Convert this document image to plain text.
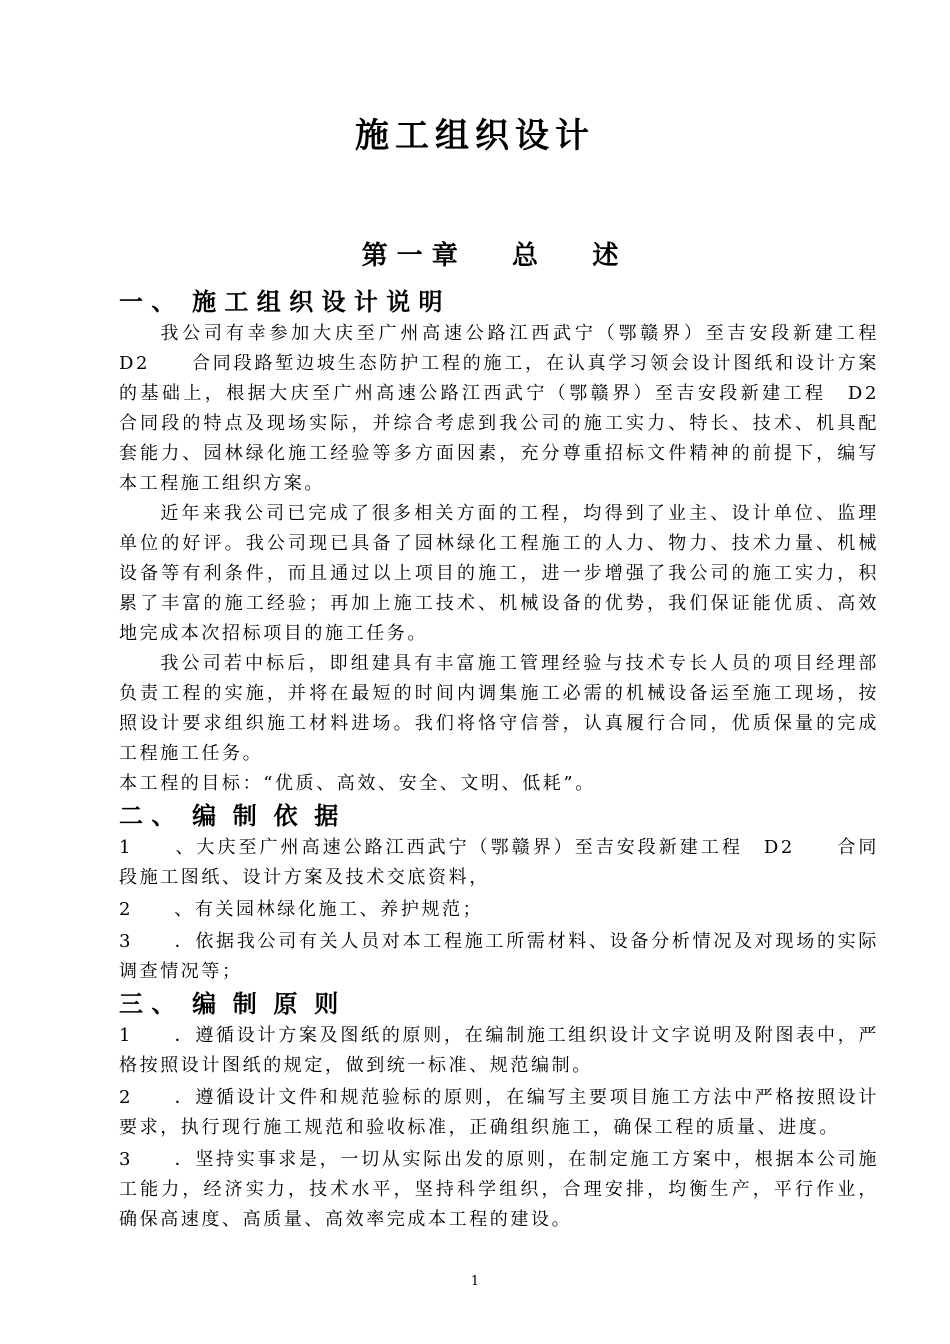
施工组织设计
第 一 章      总      述
一 、  施 工 组 织 设 计 说 明

我公司有幸参加大庆至广州高速公路江西武宁（鄂赣界）至吉安段新建工程　D2　　合同段路堑边坡生态防护工程的施工，在认真学习领会设计图纸和设计方案的基础上，根据大庆至广州高速公路江西武宁（鄂赣界）至吉安段新建工程　D2　　合同段的特点及现场实际，并综合考虑到我公司的施工实力、特长、技术、机具配套能力、园林绿化施工经验等多方面因素，充分尊重招标文件精神的前提下，编写本工程施工组织方案。

近年来我公司已完成了很多相关方面的工程，均得到了业主、设计单位、监理单位的好评。我公司现已具备了园林绿化工程施工的人力、物力、技术力量、机械设备等有利条件，而且通过以上项目的施工，进一步增强了我公司的施工实力，积累了丰富的施工经验；再加上施工技术、机械设备的优势，我们保证能优质、高效地完成本次招标项目的施工任务。

我公司若中标后，即组建具有丰富施工管理经验与技术专长人员的项目经理部负责工程的实施，并将在最短的时间内调集施工必需的机械设备运至施工现场，按照设计要求组织施工材料进场。我们将恪守信誉，认真履行合同，优质保量的完成工程施工任务。

本工程的目标：“优质、高效、安全、文明、低耗”。

二 、  编  制  依  据

1　　、大庆至广州高速公路江西武宁（鄂赣界）至吉安段新建工程　D2　　合同段施工图纸、设计方案及技术交底资料，

2　　、有关园林绿化施工、养护规范；

3　　．依据我公司有关人员对本工程施工所需材料、设备分析情况及对现场的实际调查情况等；

三 、  编  制  原  则

1　　．遵循设计方案及图纸的原则，在编制施工组织设计文字说明及附图表中，严格按照设计图纸的规定，做到统一标准、规范编制。

2　　．遵循设计文件和规范验标的原则，在编写主要项目施工方法中严格按照设计要求，执行现行施工规范和验收标准，正确组织施工，确保工程的质量、进度。

3　　．坚持实事求是，一切从实际出发的原则，在制定施工方案中，根据本公司施工能力，经济实力，技术水平，坚持科学组织，合理安排，均衡生产，平行作业，确保高速度、高质量、高效率完成本工程的建设。

1
